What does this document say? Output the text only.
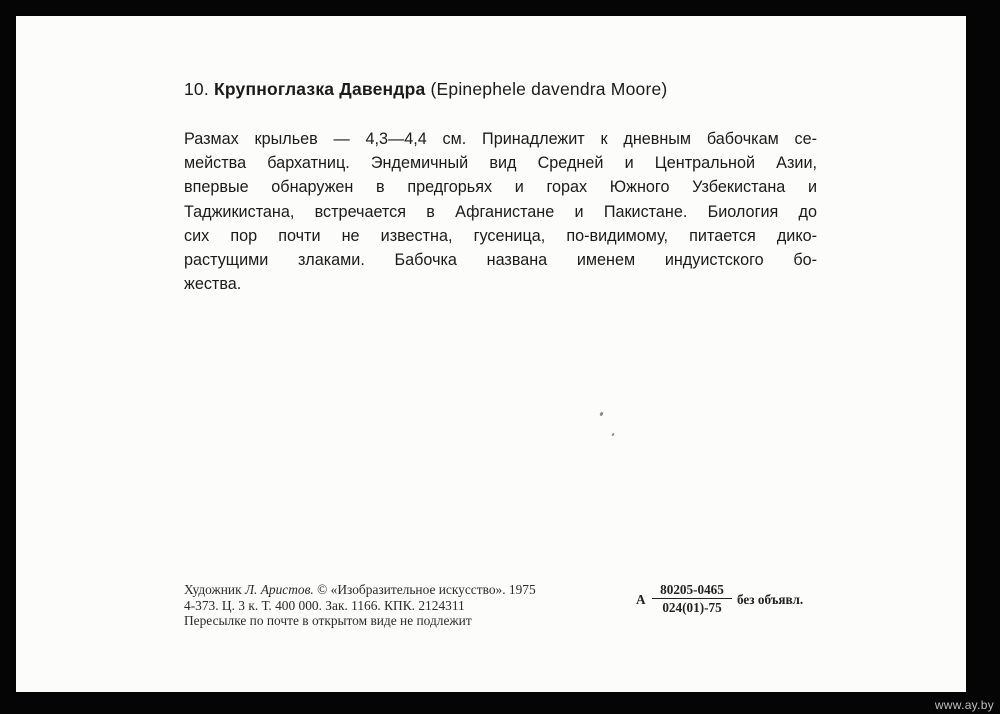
10. Крупноглазка Давендра (Epinephele davendra Moore)
Размах крыльев — 4,3—4,4 см. Принадлежит к дневным бабочкам се-
мейства бархатниц. Эндемичный вид Средней и Центральной Азии,
впервые обнаружен в предгорьях и горах Южного Узбекистана и
Таджикистана, встречается в Афганистане и Пакистане. Биология до
сих пор почти не известна, гусеница, по-видимому, питается дико-
растущими злаками. Бабочка названа именем индуистского бо-
жества.
Художник Л. Аристов. © «Изобразительное искусство». 1975
4-373. Ц. 3 к. Т. 400 000. Зак. 1166. КПК. 2124311
Пересылке по почте в открытом виде не подлежит
А $\frac{80205-0465}{024(01)-75}$ без объявл.
www.ay.by
